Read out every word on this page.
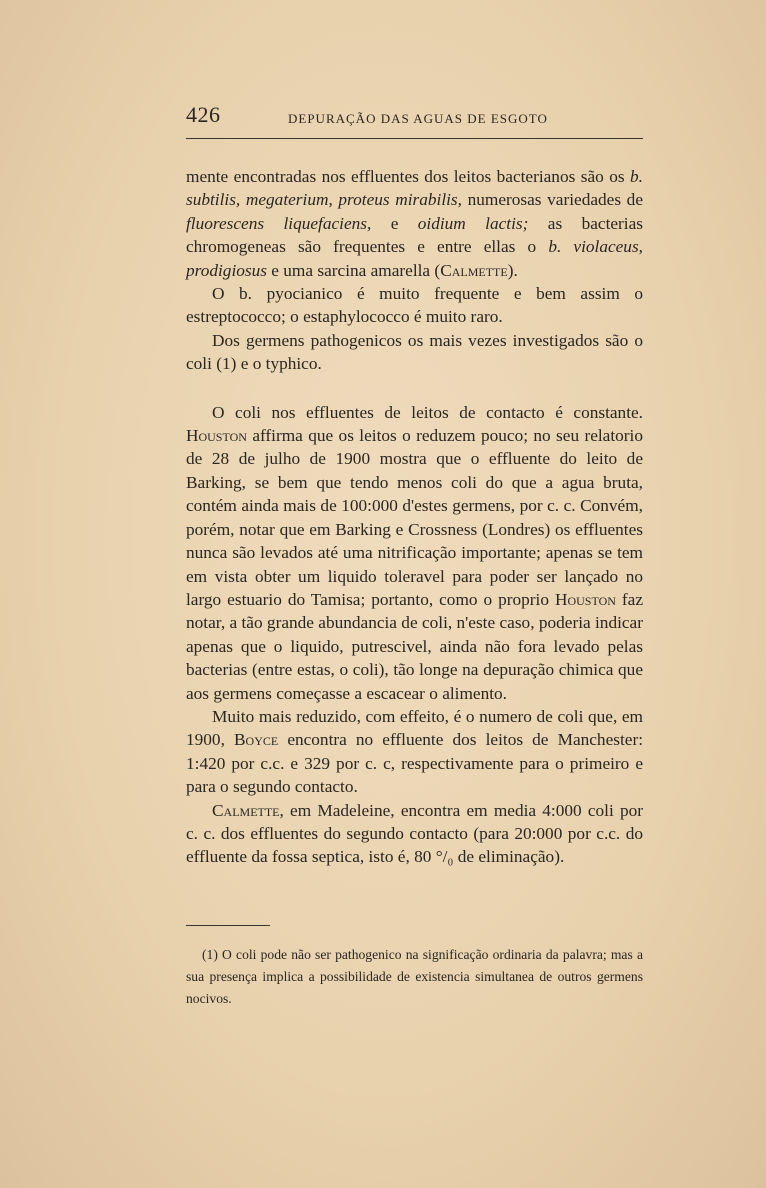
426	DEPURAÇÃO DAS AGUAS DE ESGOTO

mente encontradas nos effluentes dos leitos bacterianos são os b. subtilis, megaterium, proteus mirabilis, numerosas variedades de fluorescens liquefaciens, e oidium lactis; as bacterias chromogeneas são frequentes e entre ellas o b. violaceus, prodigiosus e uma sarcina amarella (Calmette).

O b. pyocianico é muito frequente e bem assim o estreptococco; o estaphylococco é muito raro.

Dos germens pathogenicos os mais vezes investigados são o coli (1) e o typhico.

O coli nos effluentes de leitos de contacto é constante. Houston affirma que os leitos o reduzem pouco; no seu relatorio de 28 de julho de 1900 mostra que o effluente do leito de Barking, se bem que tendo menos coli do que a agua bruta, contém ainda mais de 100:000 d'estes germens, por c. c. Convém, porém, notar que em Barking e Crossness (Londres) os effluentes nunca são levados até uma nitrificação importante; apenas se tem em vista obter um liquido toleravel para poder ser lançado no largo estuario do Tamisa; portanto, como o proprio Houston faz notar, a tão grande abundancia de coli, n'este caso, poderia indicar apenas que o liquido, putrescivel, ainda não fora levado pelas bacterias (entre estas, o coli), tão longe na depuração chimica que aos germens começasse a escacear o alimento.

Muito mais reduzido, com effeito, é o numero de coli que, em 1900, Boyce encontra no effluente dos leitos de Manchester: 1:420 por c.c. e 329 por c. c, respectivamente para o primeiro e para o segundo contacto.

Calmette, em Madeleine, encontra em media 4:000 coli por c. c. dos effluentes do segundo contacto (para 20:000 por c.c. do effluente da fossa septica, isto é, 80 °/₀ de eliminação).

(1) O coli pode não ser pathogenico na significação ordinaria da palavra; mas a sua presença implica a possibilidade de existencia simultanea de outros germens nocivos.
